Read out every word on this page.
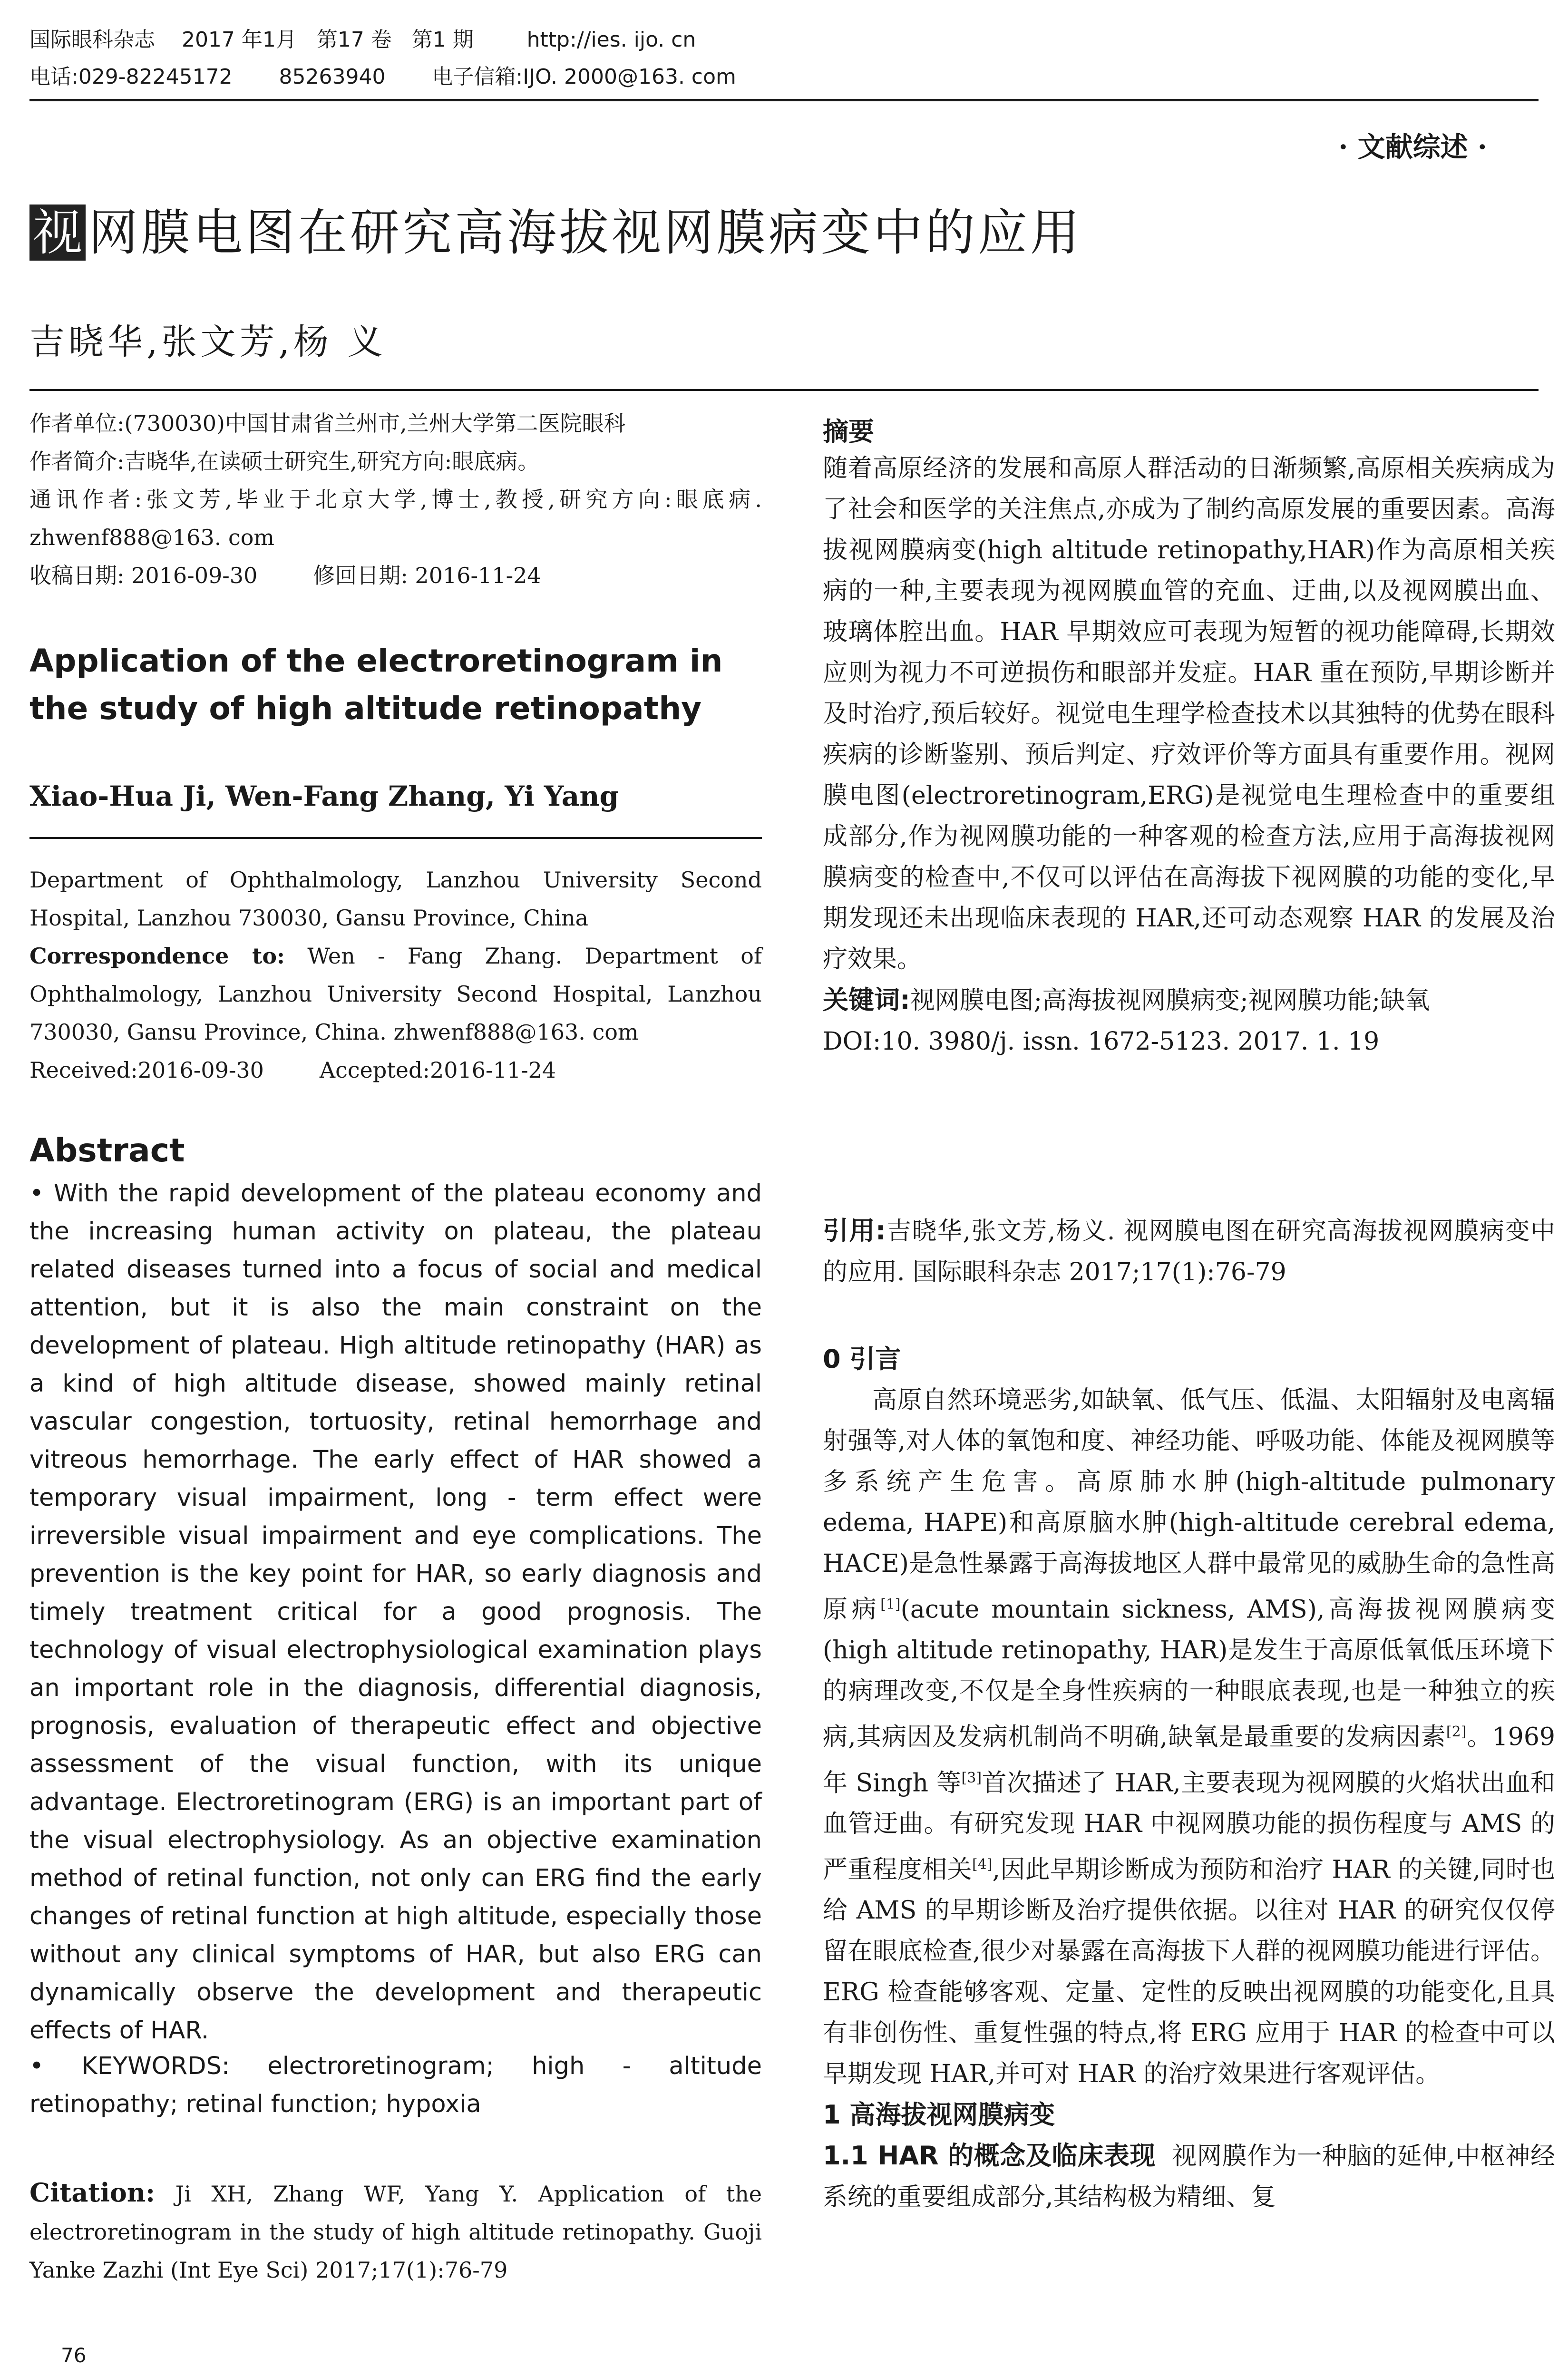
国际眼科杂志    2017 年1月   第17 卷   第1 期        http://ies. ijo. cn
电话:029-82245172       85263940       电子信箱:IJO. 2000@163. com
· 文献综述 ·
视 网膜电图在研究高海拔视网膜病变中的应用
吉晓华,张文芳,杨 义
作者单位:(730030)中国甘肃省兰州市,兰州大学第二医院眼科
作者简介:吉晓华,在读硕士研究生,研究方向:眼底病。
通讯作者:张文芳,毕业于北京大学,博士,教授,研究方向:眼底病. zhwenf888@163. com
收稿日期: 2016-09-30        修回日期: 2016-11-24
Application of the electroretinogram in the study of high altitude retinopathy
Xiao-Hua Ji, Wen-Fang Zhang, Yi Yang
Department of Ophthalmology, Lanzhou University Second Hospital, Lanzhou 730030, Gansu Province, China
Correspondence to: Wen - Fang Zhang. Department of Ophthalmology, Lanzhou University Second Hospital, Lanzhou 730030, Gansu Province, China. zhwenf888@163. com
Received:2016-09-30        Accepted:2016-11-24
Abstract
• With the rapid development of the plateau economy and the increasing human activity on plateau, the plateau related diseases turned into a focus of social and medical attention, but it is also the main constraint on the development of plateau. High altitude retinopathy (HAR) as a kind of high altitude disease, showed mainly retinal vascular congestion, tortuosity, retinal hemorrhage and vitreous hemorrhage. The early effect of HAR showed a temporary visual impairment, long - term effect were irreversible visual impairment and eye complications. The prevention is the key point for HAR, so early diagnosis and timely treatment critical for a good prognosis. The technology of visual electrophysiological examination plays an important role in the diagnosis, differential diagnosis, prognosis, evaluation of therapeutic effect and objective assessment of the visual function, with its unique advantage. Electroretinogram (ERG) is an important part of the visual electrophysiology. As an objective examination method of retinal function, not only can ERG find the early changes of retinal function at high altitude, especially those without any clinical symptoms of HAR, but also ERG can dynamically observe the development and therapeutic effects of HAR.
• KEYWORDS: electroretinogram; high - altitude retinopathy; retinal function; hypoxia
Citation: Ji XH, Zhang WF, Yang Y. Application of the electroretinogram in the study of high altitude retinopathy. Guoji Yanke Zazhi (Int Eye Sci) 2017;17(1):76-79
76
摘要
随着高原经济的发展和高原人群活动的日渐频繁,高原相关疾病成为了社会和医学的关注焦点,亦成为了制约高原发展的重要因素。高海拔视网膜病变(high altitude retinopathy,HAR)作为高原相关疾病的一种,主要表现为视网膜血管的充血、迂曲,以及视网膜出血、玻璃体腔出血。HAR 早期效应可表现为短暂的视功能障碍,长期效应则为视力不可逆损伤和眼部并发症。HAR 重在预防,早期诊断并及时治疗,预后较好。视觉电生理学检查技术以其独特的优势在眼科疾病的诊断鉴别、预后判定、疗效评价等方面具有重要作用。视网膜电图(electroretinogram,ERG)是视觉电生理检查中的重要组成部分,作为视网膜功能的一种客观的检查方法,应用于高海拔视网膜病变的检查中,不仅可以评估在高海拔下视网膜的功能的变化,早期发现还未出现临床表现的 HAR,还可动态观察 HAR 的发展及治疗效果。
关键词:视网膜电图;高海拔视网膜病变;视网膜功能;缺氧
DOI:10. 3980/j. issn. 1672-5123. 2017. 1. 19
引用:吉晓华,张文芳,杨义. 视网膜电图在研究高海拔视网膜病变中的应用. 国际眼科杂志 2017;17(1):76-79
0 引言
高原自然环境恶劣,如缺氧、低气压、低温、太阳辐射及电离辐射强等,对人体的氧饱和度、神经功能、呼吸功能、体能及视网膜等多系统产生危害。高原肺水肿(high-altitude pulmonary edema, HAPE)和高原脑水肿(high-altitude cerebral edema, HACE)是急性暴露于高海拔地区人群中最常见的威胁生命的急性高原病[1](acute mountain sickness, AMS),高海拔视网膜病变(high altitude retinopathy, HAR)是发生于高原低氧低压环境下的病理改变,不仅是全身性疾病的一种眼底表现,也是一种独立的疾病,其病因及发病机制尚不明确,缺氧是最重要的发病因素[2]。1969 年 Singh 等[3]首次描述了 HAR,主要表现为视网膜的火焰状出血和血管迂曲。有研究发现 HAR 中视网膜功能的损伤程度与 AMS 的严重程度相关[4],因此早期诊断成为预防和治疗 HAR 的关键,同时也给 AMS 的早期诊断及治疗提供依据。以往对 HAR 的研究仅仅停留在眼底检查,很少对暴露在高海拔下人群的视网膜功能进行评估。ERG 检查能够客观、定量、定性的反映出视网膜的功能变化,且具有非创伤性、重复性强的特点,将 ERG 应用于 HAR 的检查中可以早期发现 HAR,并可对 HAR 的治疗效果进行客观评估。
1 高海拔视网膜病变
1.1 HAR 的概念及临床表现  视网膜作为一种脑的延伸,中枢神经系统的重要组成部分,其结构极为精细、复
